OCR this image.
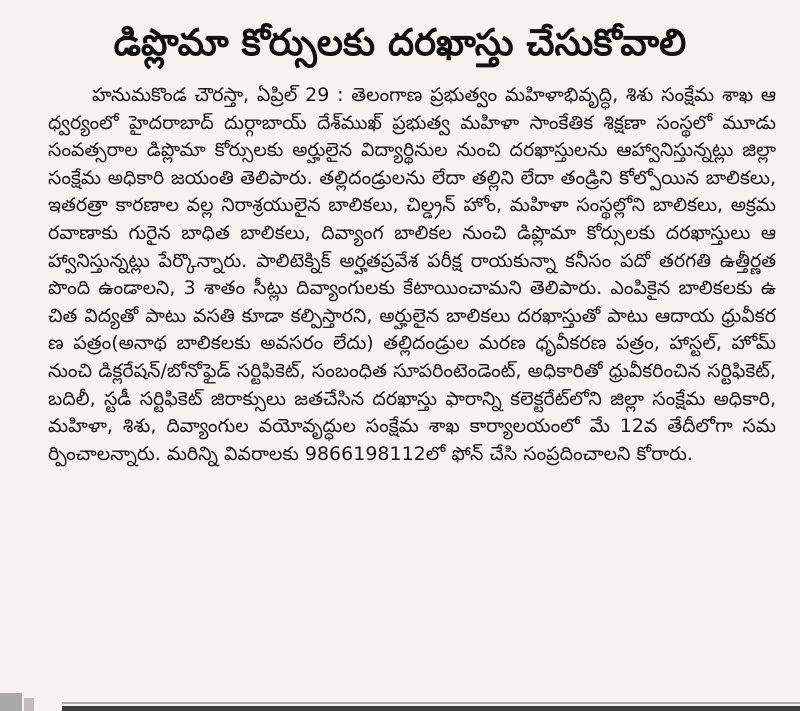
డిప్లొమా కోర్సులకు దరఖాస్తు చేసుకోవాలి

హనుమకొండ చౌరస్తా, ఏప్రిల్ 29 : తెలంగాణ ప్రభుత్వం మహిళాభివృద్ధి, శిశు సంక్షేమ శాఖ ఆధ్వర్యంలో హైదరాబాద్ దుర్గాబాయ్ దేశ్‌ముఖ్ ప్రభుత్వ మహిళా సాంకేతిక శిక్షణా సంస్థలో మూడు సంవత్సరాల డిప్లొమా కోర్సులకు అర్హులైన విద్యార్థినుల నుంచి దరఖాస్తులను ఆహ్వానిస్తున్నట్లు జిల్లా సంక్షేమ అధికారి జయంతి తెలిపారు. తల్లిదండ్రులను లేదా తల్లిని లేదా తండ్రిని కోల్పోయిన బాలికలు, ఇతరత్రా కారణాల వల్ల నిరాశ్రయులైన బాలికలు, చిల్డ్రన్ హోం, మహిళా సంస్థల్లోని బాలికలు, అక్రమ రవాణాకు గురైన బాధిత బాలికలు, దివ్యాంగ బాలికల నుంచి డిప్లొమా కోర్సులకు దరఖాస్తులు ఆహ్వానిస్తున్నట్లు పేర్కొన్నారు. పాలిటెక్నిక్ అర్హతప్రవేశ పరీక్ష రాయకున్నా కనీసం పదో తరగతి ఉత్తీర్ణత పొంది ఉండాలని, 3 శాతం సీట్లు దివ్యాంగులకు కేటాయించామని తెలిపారు. ఎంపికైన బాలికలకు ఉచిత విద్యతో పాటు వసతి కూడా కల్పిస్తారని, అర్హులైన బాలికలు దరఖాస్తుతో పాటు ఆదాయ ధ్రువీకరణ పత్రం(అనాథ బాలికలకు అవసరం లేదు) తల్లిదండ్రుల మరణ ధృవీకరణ పత్రం, హాస్టల్, హోమ్ నుంచి డిక్లరేషన్/బోనోఫైడ్ సర్టిఫికెట్, సంబంధిత సూపరింటెండెంట్, అధికారితో ధ్రువీకరించిన సర్టిఫికెట్, బదిలీ, స్టడీ సర్టిఫికెట్ జిరాక్సులు జతచేసిన దరఖాస్తు ఫారాన్ని కలెక్టరేట్‌లోని జిల్లా సంక్షేమ అధికారి, మహిళా, శిశు, దివ్యాంగుల వయోవృద్ధుల సంక్షేమ శాఖ కార్యాలయంలో మే 12వ తేదీలోగా సమర్పించాలన్నారు. మరిన్ని వివరాలకు 9866198112లో ఫోన్ చేసి సంప్రదించాలని కోరారు.
